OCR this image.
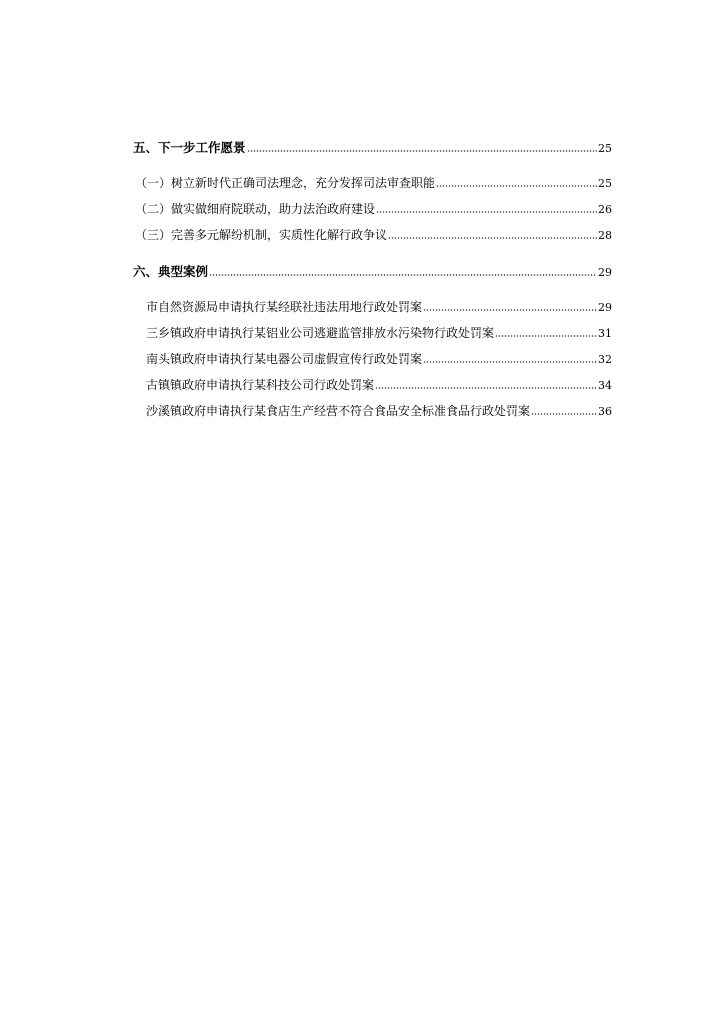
五、下一步工作愿景	25
（一）树立新时代正确司法理念，充分发挥司法审查职能	25
（二）做实做细府院联动，助力法治政府建设	26
（三）完善多元解纷机制，实质性化解行政争议	28
六、典型案例	29
市自然资源局申请执行某经联社违法用地行政处罚案	29
三乡镇政府申请执行某铝业公司逃避监管排放水污染物行政处罚案	31
南头镇政府申请执行某电器公司虚假宣传行政处罚案	32
古镇镇政府申请执行某科技公司行政处罚案	34
沙溪镇政府申请执行某食店生产经营不符合食品安全标准食品行政处罚案	36
